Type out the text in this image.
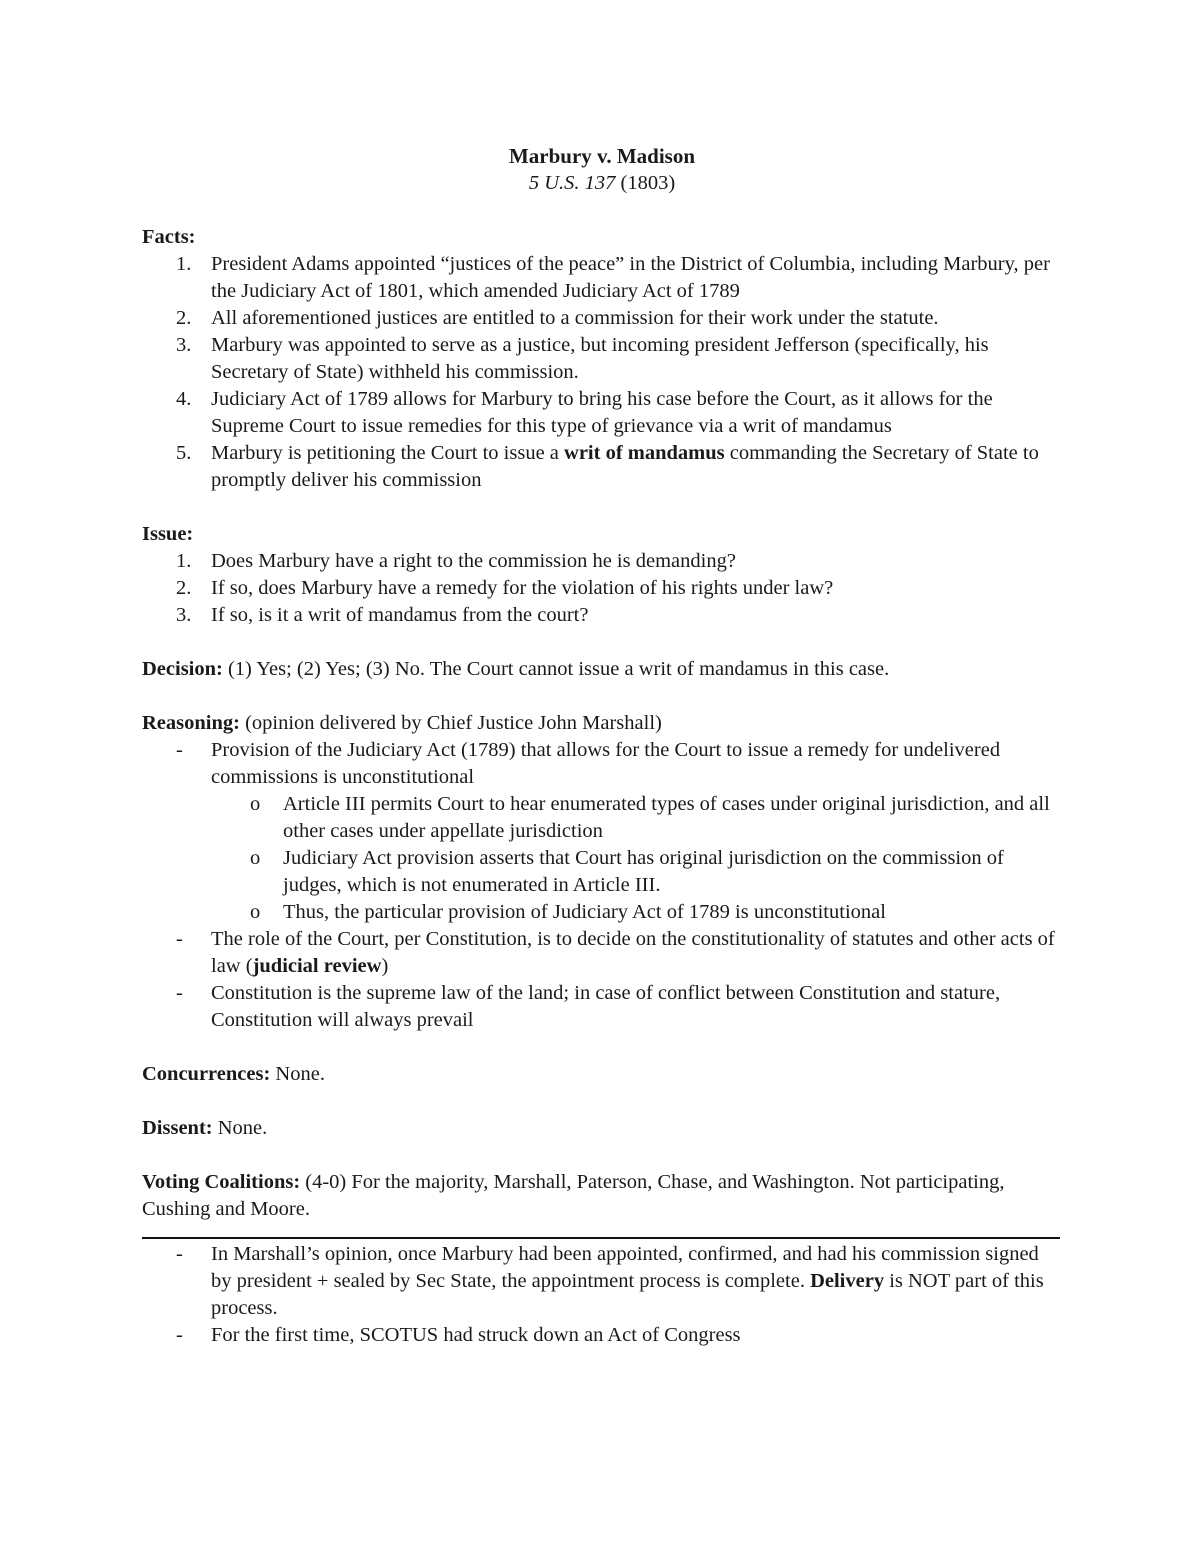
Marbury v. Madison
5 U.S. 137 (1803)
Facts:
1. President Adams appointed “justices of the peace” in the District of Columbia, including Marbury, per the Judiciary Act of 1801, which amended Judiciary Act of 1789
2. All aforementioned justices are entitled to a commission for their work under the statute.
3. Marbury was appointed to serve as a justice, but incoming president Jefferson (specifically, his Secretary of State) withheld his commission.
4. Judiciary Act of 1789 allows for Marbury to bring his case before the Court, as it allows for the Supreme Court to issue remedies for this type of grievance via a writ of mandamus
5. Marbury is petitioning the Court to issue a writ of mandamus commanding the Secretary of State to promptly deliver his commission
Issue:
1. Does Marbury have a right to the commission he is demanding?
2. If so, does Marbury have a remedy for the violation of his rights under law?
3. If so, is it a writ of mandamus from the court?
Decision: (1) Yes; (2) Yes; (3) No. The Court cannot issue a writ of mandamus in this case.
Reasoning: (opinion delivered by Chief Justice John Marshall)
- Provision of the Judiciary Act (1789) that allows for the Court to issue a remedy for undelivered commissions is unconstitutional
o Article III permits Court to hear enumerated types of cases under original jurisdiction, and all other cases under appellate jurisdiction
o Judiciary Act provision asserts that Court has original jurisdiction on the commission of judges, which is not enumerated in Article III.
o Thus, the particular provision of Judiciary Act of 1789 is unconstitutional
- The role of the Court, per Constitution, is to decide on the constitutionality of statutes and other acts of law (judicial review)
- Constitution is the supreme law of the land; in case of conflict between Constitution and stature, Constitution will always prevail
Concurrences: None.
Dissent: None.
Voting Coalitions: (4-0) For the majority, Marshall, Paterson, Chase, and Washington. Not participating, Cushing and Moore.
- In Marshall’s opinion, once Marbury had been appointed, confirmed, and had his commission signed by president + sealed by Sec State, the appointment process is complete. Delivery is NOT part of this process.
- For the first time, SCOTUS had struck down an Act of Congress
